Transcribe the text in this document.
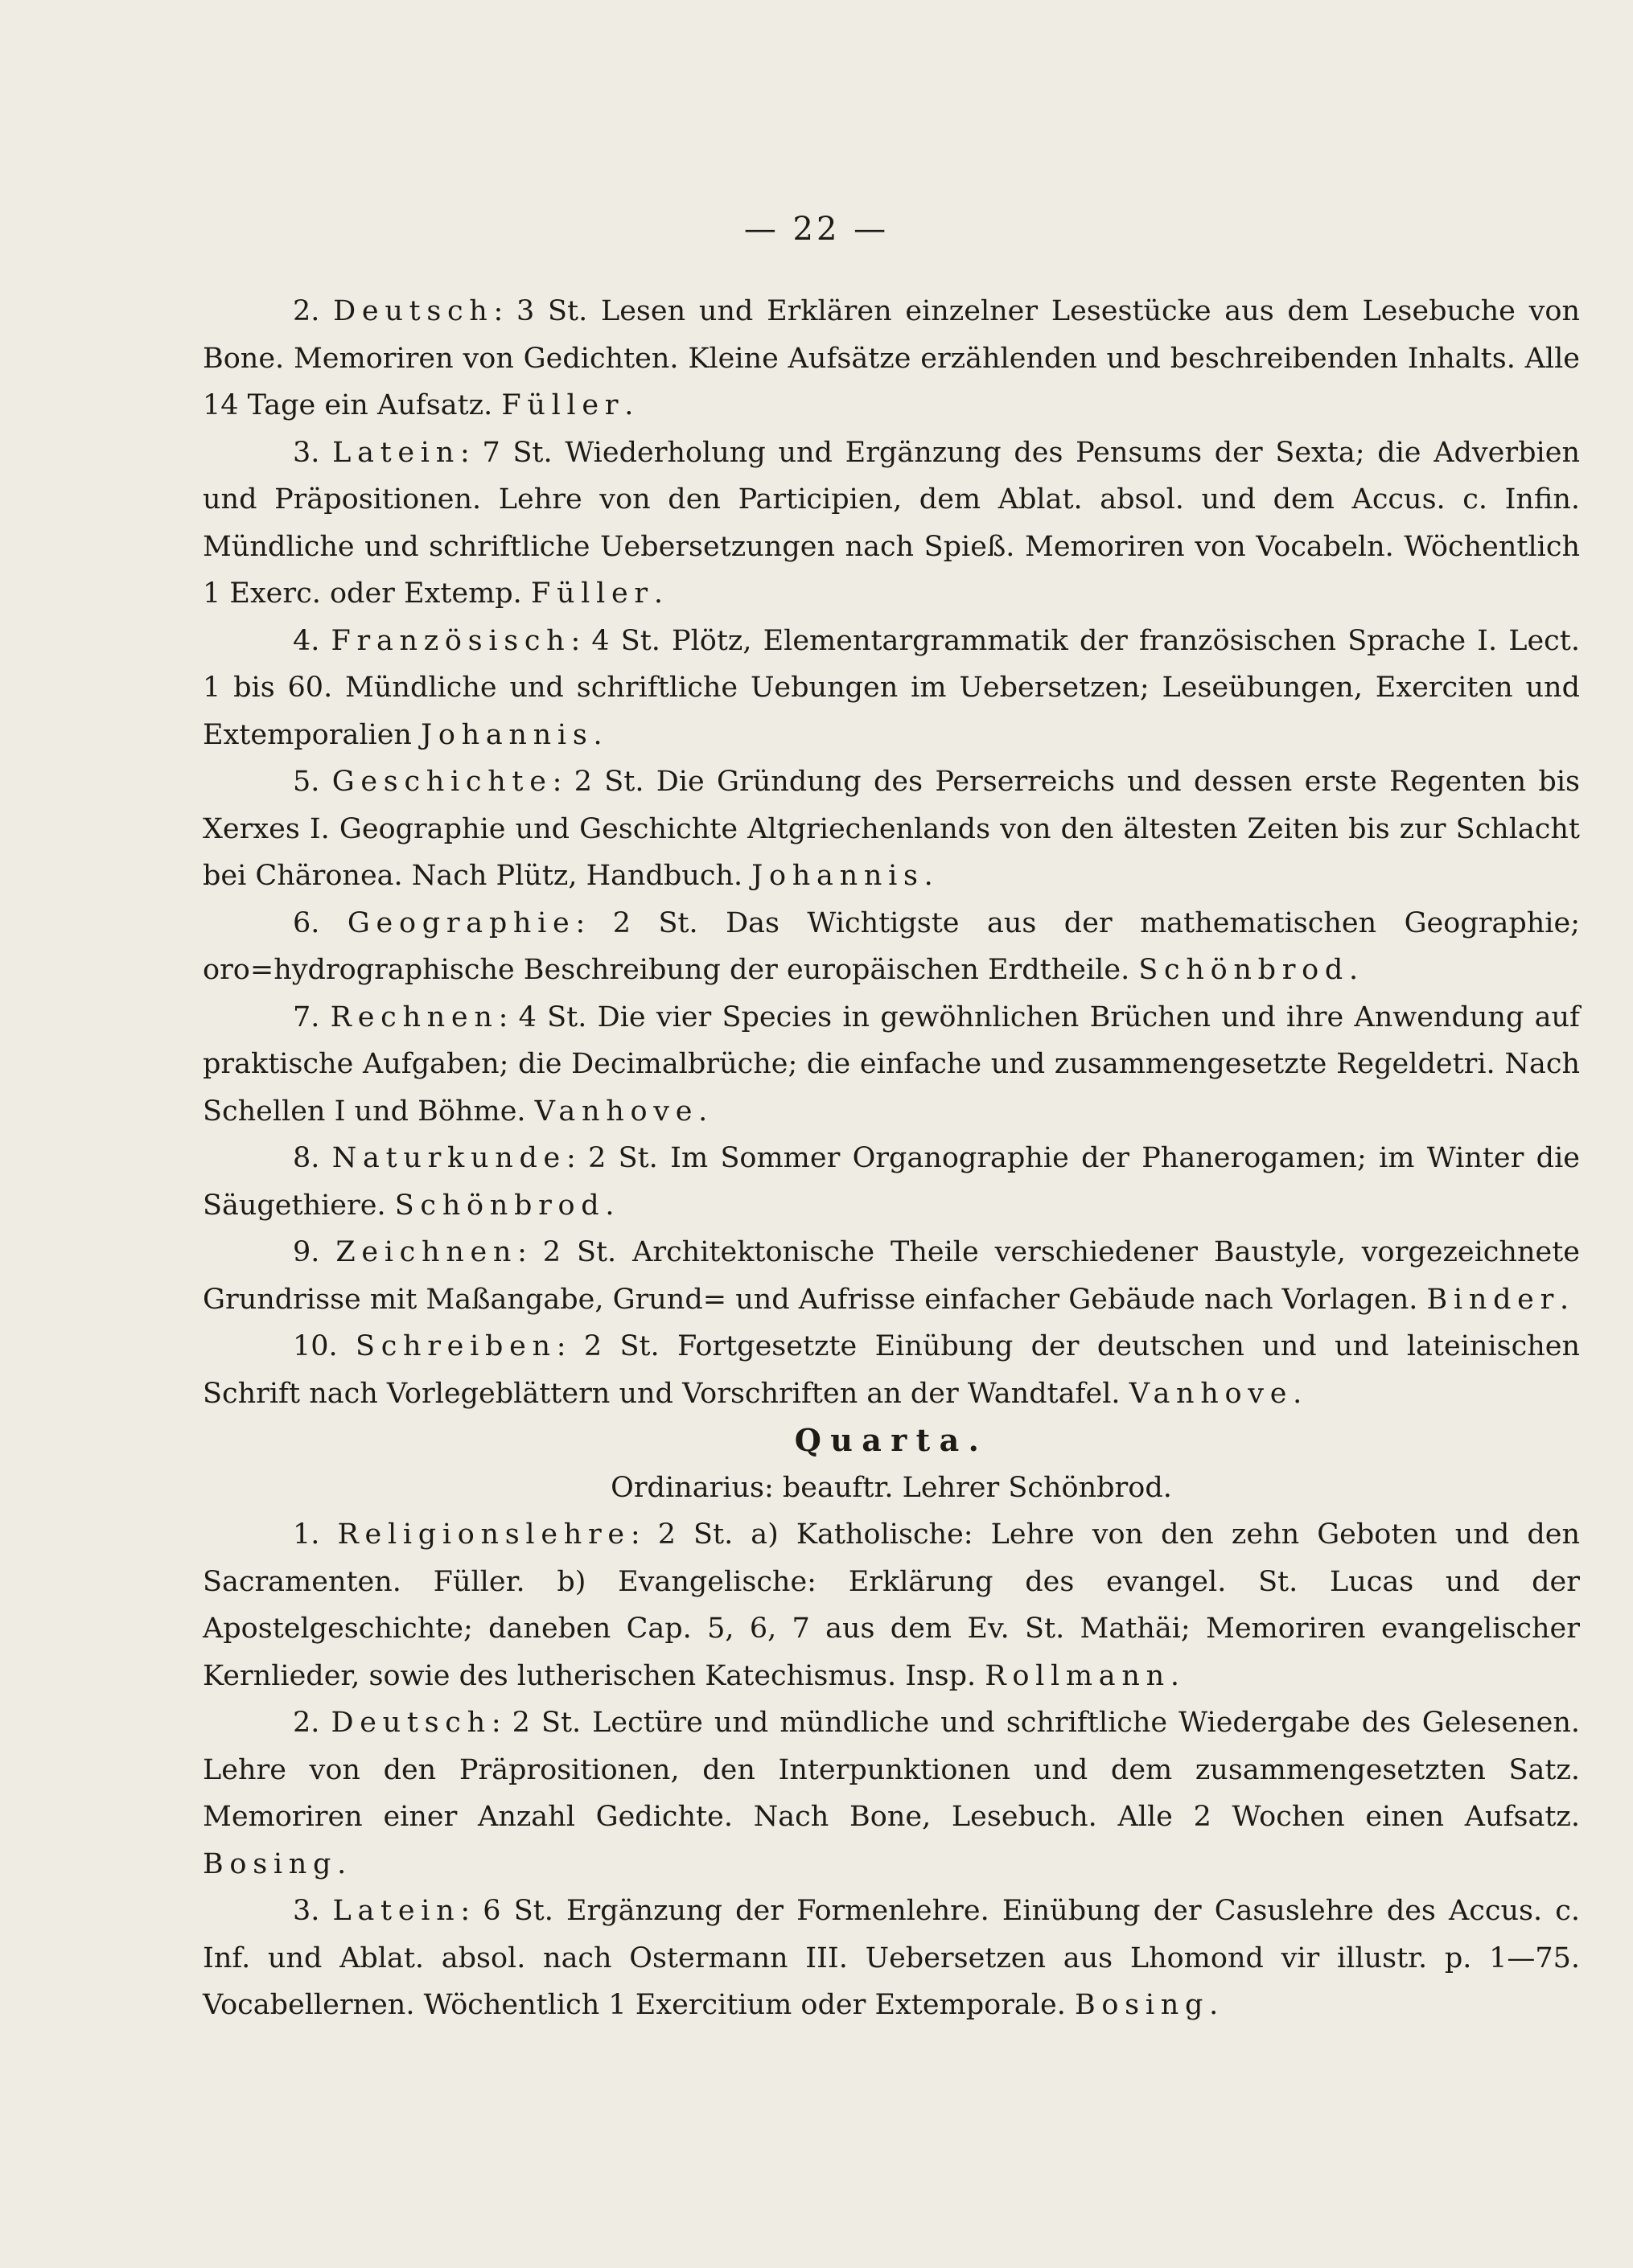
— 22 —

2. Deutsch: 3 St. Lesen und Erklären einzelner Lesestücke aus dem Lesebuche von Bone. Memoriren von Gedichten. Kleine Aufsätze erzählenden und beschreibenden Inhalts. Alle 14 Tage ein Aufsatz. Füller.

3. Latein: 7 St. Wiederholung und Ergänzung des Pensums der Sexta; die Adverbien und Präpositionen. Lehre von den Participien, dem Ablat. absol. und dem Accus. c. Infin. Mündliche und schriftliche Uebersetzungen nach Spieß. Memoriren von Vocabeln. Wöchentlich 1 Exerc. oder Extemp. Füller.

4. Französisch: 4 St. Plötz, Elementargrammatik der französischen Sprache I. Lect. 1 bis 60. Mündliche und schriftliche Uebungen im Uebersetzen; Leseübungen, Exerciten und Extemporalien Johannis.

5. Geschichte: 2 St. Die Gründung des Perserreichs und dessen erste Regenten bis Xerxes I. Geographie und Geschichte Altgriechenlands von den ältesten Zeiten bis zur Schlacht bei Chäronea. Nach Plütz, Handbuch. Johannis.

6. Geographie: 2 St. Das Wichtigste aus der mathematischen Geographie; oro=hydrographische Beschreibung der europäischen Erdtheile. Schönbrod.

7. Rechnen: 4 St. Die vier Species in gewöhnlichen Brüchen und ihre Anwendung auf praktische Aufgaben; die Decimalbrüche; die einfache und zusammengesetzte Regeldetri. Nach Schellen I und Böhme. Vanhove.

8. Naturkunde: 2 St. Im Sommer Organographie der Phanerogamen; im Winter die Säugethiere. Schönbrod.

9. Zeichnen: 2 St. Architektonische Theile verschiedener Baustyle, vorgezeichnete Grundrisse mit Maßangabe, Grund= und Aufrisse einfacher Gebäude nach Vorlagen. Binder.

10. Schreiben: 2 St. Fortgesetzte Einübung der deutschen und und lateinischen Schrift nach Vorlegeblättern und Vorschriften an der Wandtafel. Vanhove.

Quarta.

Ordinarius: beauftr. Lehrer Schönbrod.

1. Religionslehre: 2 St. a) Katholische: Lehre von den zehn Geboten und den Sacramenten. Füller. b) Evangelische: Erklärung des evangel. St. Lucas und der Apostelgeschichte; daneben Cap. 5, 6, 7 aus dem Ev. St. Mathäi; Memoriren evangelischer Kernlieder, sowie des lutherischen Katechismus. Insp. Rollmann.

2. Deutsch: 2 St. Lectüre und mündliche und schriftliche Wiedergabe des Gelesenen. Lehre von den Präprositionen, den Interpunktionen und dem zusammengesetzten Satz. Memoriren einer Anzahl Gedichte. Nach Bone, Lesebuch. Alle 2 Wochen einen Aufsatz. Bosing.

3. Latein: 6 St. Ergänzung der Formenlehre. Einübung der Casuslehre des Accus. c. Inf. und Ablat. absol. nach Ostermann III. Uebersetzen aus Lhomond vir illustr. p. 1—75. Vocabellernen. Wöchentlich 1 Exercitium oder Extemporale. Bosing.
